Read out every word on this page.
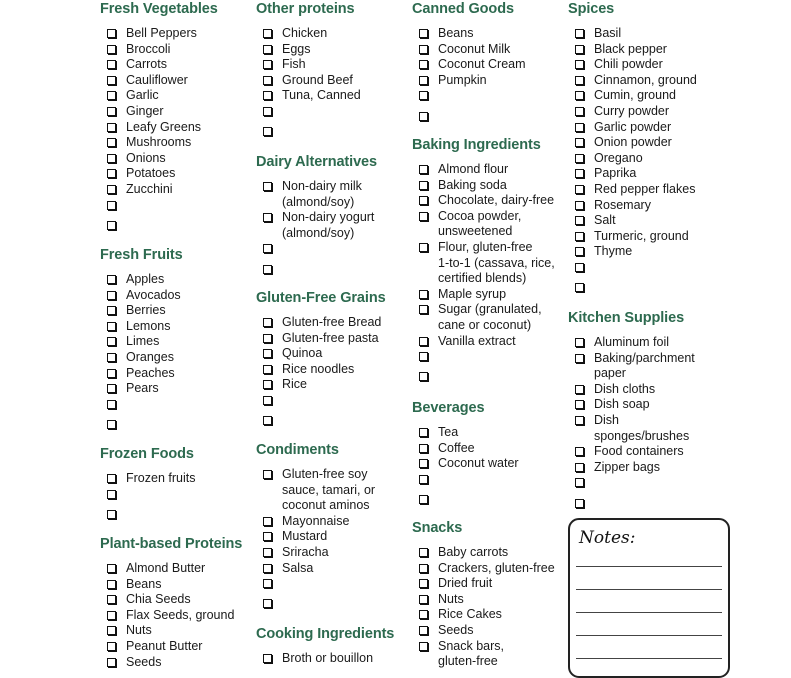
Fresh Vegetables
Bell Peppers
Broccoli
Carrots
Cauliflower
Garlic
Ginger
Leafy Greens
Mushrooms
Onions
Potatoes
Zucchini
Fresh Fruits
Apples
Avocados
Berries
Lemons
Limes
Oranges
Peaches
Pears
Frozen Foods
Frozen fruits
Plant-based Proteins
Almond Butter
Beans
Chia Seeds
Flax Seeds, ground
Nuts
Peanut Butter
Seeds
Other proteins
Chicken
Eggs
Fish
Ground Beef
Tuna, Canned
Dairy Alternatives
Non-dairy milk
(almond/soy)
Non-dairy yogurt
(almond/soy)
Gluten-Free Grains
Gluten-free Bread
Gluten-free pasta
Quinoa
Rice noodles
Rice
Condiments
Gluten-free soy
sauce, tamari, or
coconut aminos
Mayonnaise
Mustard
Sriracha
Salsa
Cooking Ingredients
Broth or bouillon
Canned Goods
Beans
Coconut Milk
Coconut Cream
Pumpkin
Baking Ingredients
Almond flour
Baking soda
Chocolate, dairy-free
Cocoa powder,
unsweetened
Flour, gluten-free
1-to-1 (cassava, rice,
certified blends)
Maple syrup
Sugar (granulated,
cane or coconut)
Vanilla extract
Beverages
Tea
Coffee
Coconut water
Snacks
Baby carrots
Crackers, gluten-free
Dried fruit
Nuts
Rice Cakes
Seeds
Snack bars,
gluten-free
Spices
Basil
Black pepper
Chili powder
Cinnamon, ground
Cumin, ground
Curry powder
Garlic powder
Onion powder
Oregano
Paprika
Red pepper flakes
Rosemary
Salt
Turmeric, ground
Thyme
Kitchen Supplies
Aluminum foil
Baking/parchment
paper
Dish cloths
Dish soap
Dish
sponges/brushes
Food containers
Zipper bags
Notes:
